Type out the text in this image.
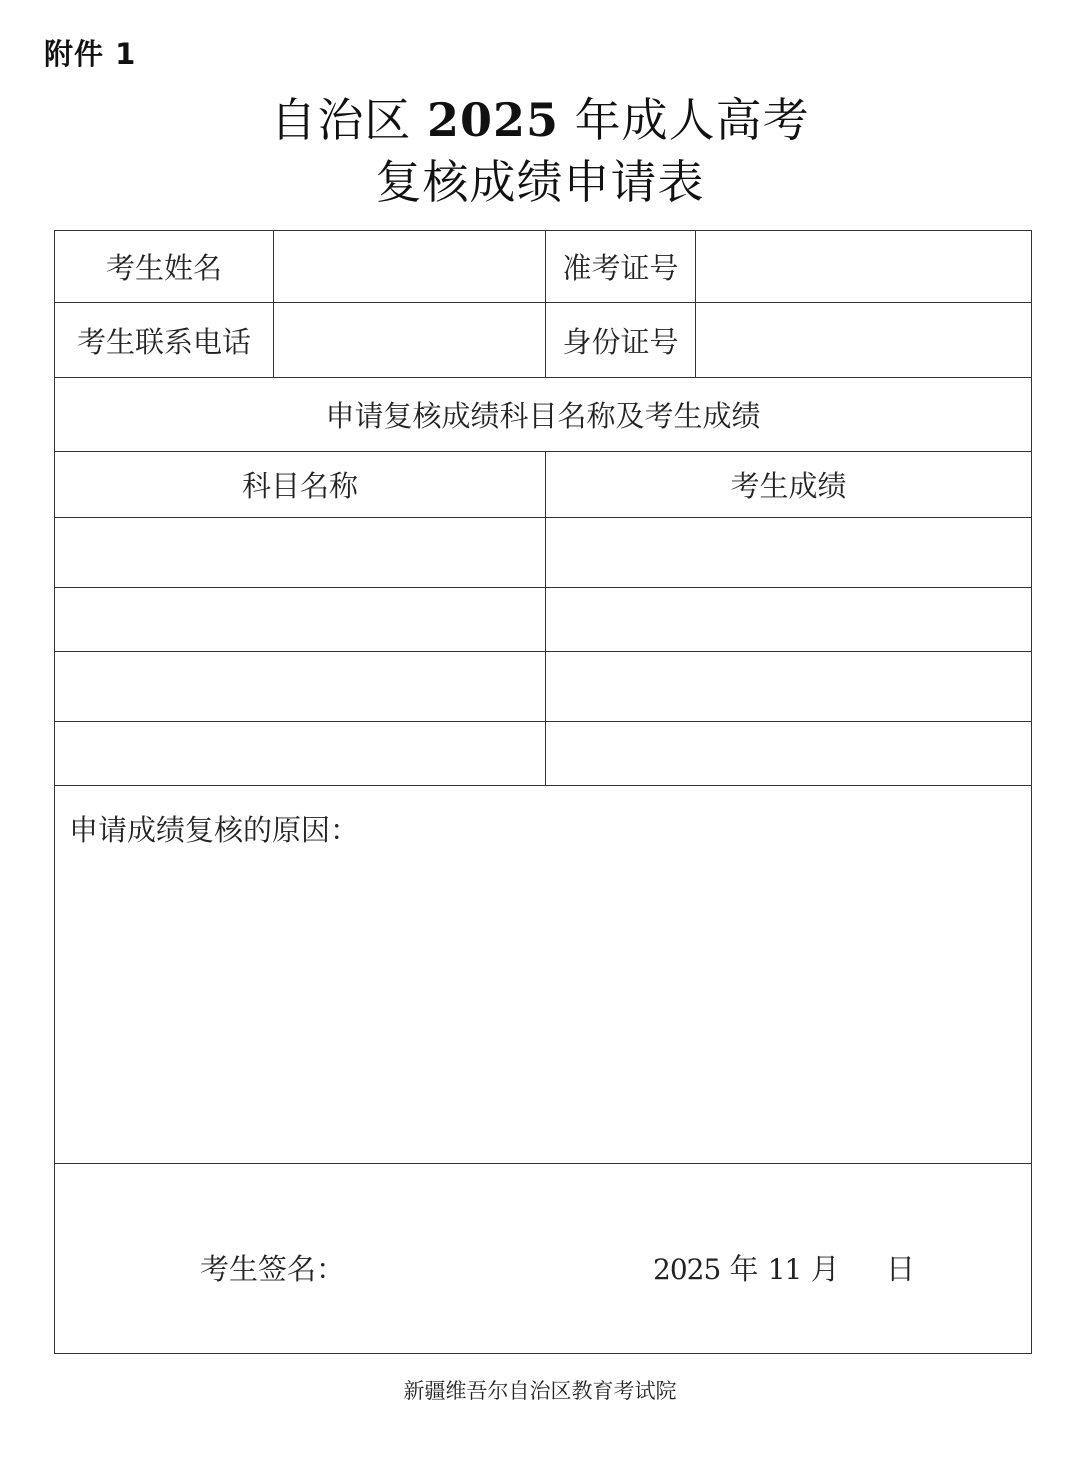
附件 1
自治区 2025 年成人高考
复核成绩申请表
考生姓名	准考证号
考生联系电话	身份证号
申请复核成绩科目名称及考生成绩
科目名称	考生成绩
申请成绩复核的原因：
考生签名：	2025 年 11 月 日
新疆维吾尔自治区教育考试院
